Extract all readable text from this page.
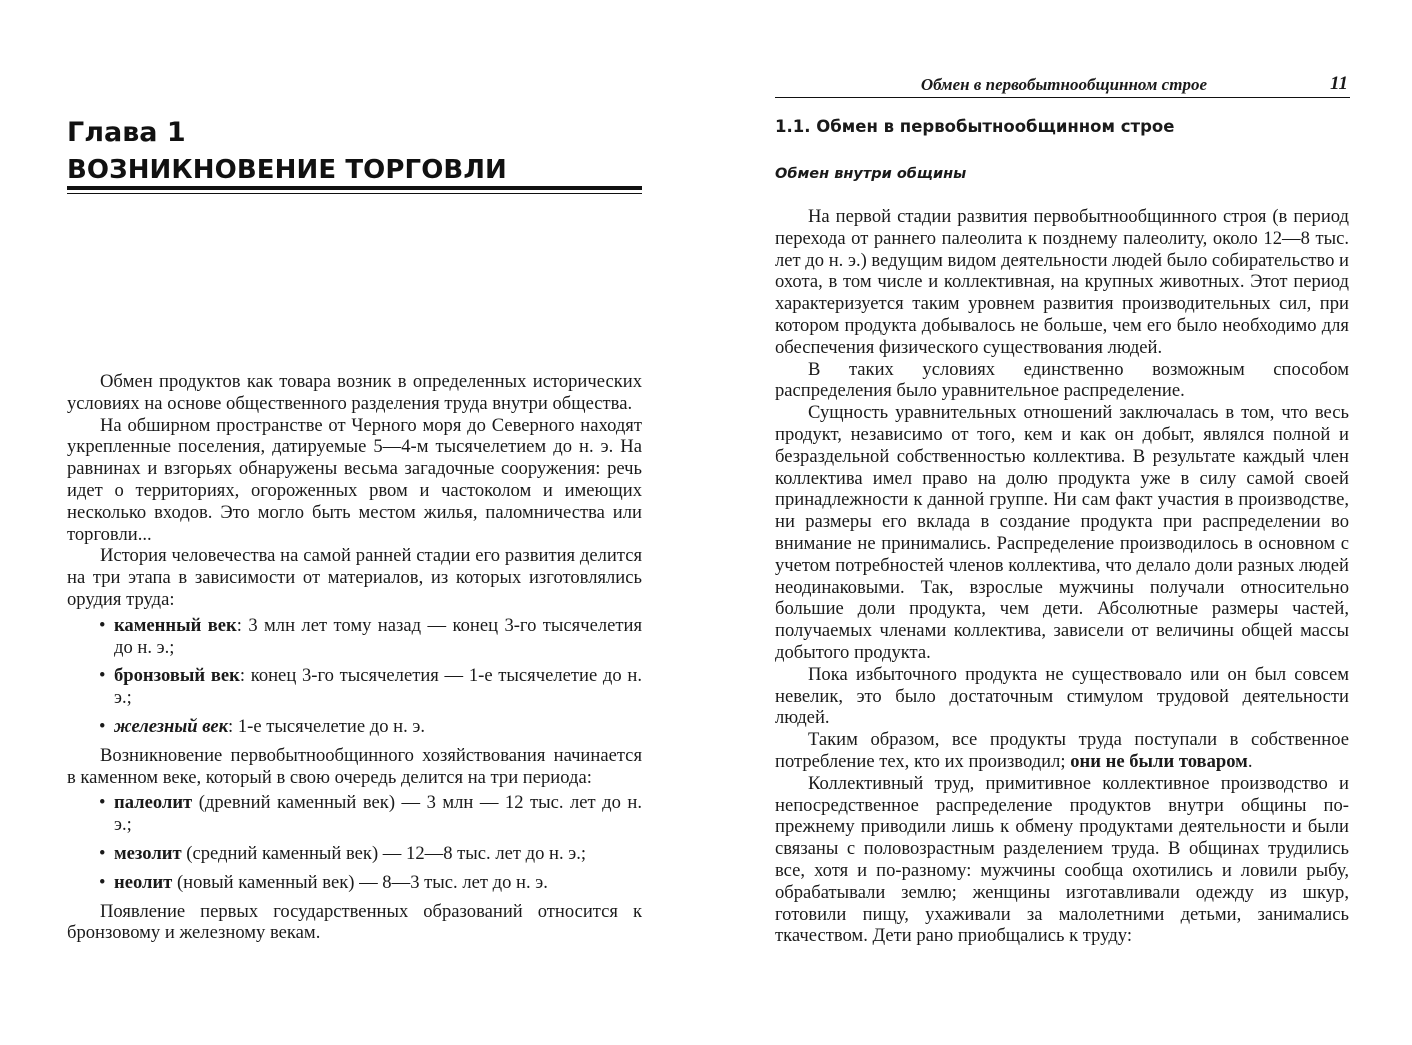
Глава 1
ВОЗНИКНОВЕНИЕ ТОРГОВЛИ

Обмен продуктов как товара возник в определенных исторических условиях на основе общественного разделения труда внутри общества.

На обширном пространстве от Черного моря до Северного находят укрепленные поселения, датируемые 5—4-м тысячелетием до н. э. На равнинах и взгорьях обнаружены весьма загадочные сооружения: речь идет о территориях, огороженных рвом и частоколом и имеющих несколько входов. Это могло быть местом жилья, паломничества или торговли...

История человечества на самой ранней стадии его развития делится на три этапа в зависимости от материалов, из которых изготовлялись орудия труда:

• каменный век: 3 млн лет тому назад — конец 3-го тысячелетия до н. э.;
• бронзовый век: конец 3-го тысячелетия — 1-е тысячелетие до н. э.;
• железный век: 1-е тысячелетие до н. э.

Возникновение первобытнообщинного хозяйствования начинается в каменном веке, который в свою очередь делится на три периода:

• палеолит (древний каменный век) — 3 млн — 12 тыс. лет до н. э.;
• мезолит (средний каменный век) — 12—8 тыс. лет до н. э.;
• неолит (новый каменный век) — 8—3 тыс. лет до н. э.

Появление первых государственных образований относится к бронзовому и железному векам.

Обмен в первобытнообщинном строе	11
1.1. Обмен в первобытнообщинном строе
Обмен внутри общины

На первой стадии развития первобытнообщинного строя (в период перехода от раннего палеолита к позднему палеолиту, около 12—8 тыс. лет до н. э.) ведущим видом деятельности людей было собирательство и охота, в том числе и коллективная, на крупных животных. Этот период характеризуется таким уровнем развития производительных сил, при котором продукта добывалось не больше, чем его было необходимо для обеспечения физического существования людей.

В таких условиях единственно возможным способом распределения было уравнительное распределение.

Сущность уравнительных отношений заключалась в том, что весь продукт, независимо от того, кем и как он добыт, являлся полной и безраздельной собственностью коллектива. В результате каждый член коллектива имел право на долю продукта уже в силу самой своей принадлежности к данной группе. Ни сам факт участия в производстве, ни размеры его вклада в создание продукта при распределении во внимание не принимались. Распределение производилось в основном с учетом потребностей членов коллектива, что делало доли разных людей неодинаковыми. Так, взрослые мужчины получали относительно большие доли продукта, чем дети. Абсолютные размеры частей, получаемых членами коллектива, зависели от величины общей массы добытого продукта.

Пока избыточного продукта не существовало или он был совсем невелик, это было достаточным стимулом трудовой деятельности людей.

Таким образом, все продукты труда поступали в собственное потребление тех, кто их производил; они не были товаром.

Коллективный труд, примитивное коллективное производство и непосредственное распределение продуктов внутри общины по-прежнему приводили лишь к обмену продуктами деятельности и были связаны с половозрастным разделением труда. В общинах трудились все, хотя и по-разному: мужчины сообща охотились и ловили рыбу, обрабатывали землю; женщины изготавливали одежду из шкур, готовили пищу, ухаживали за малолетними детьми, занимались ткачеством. Дети рано приобщались к труду:
